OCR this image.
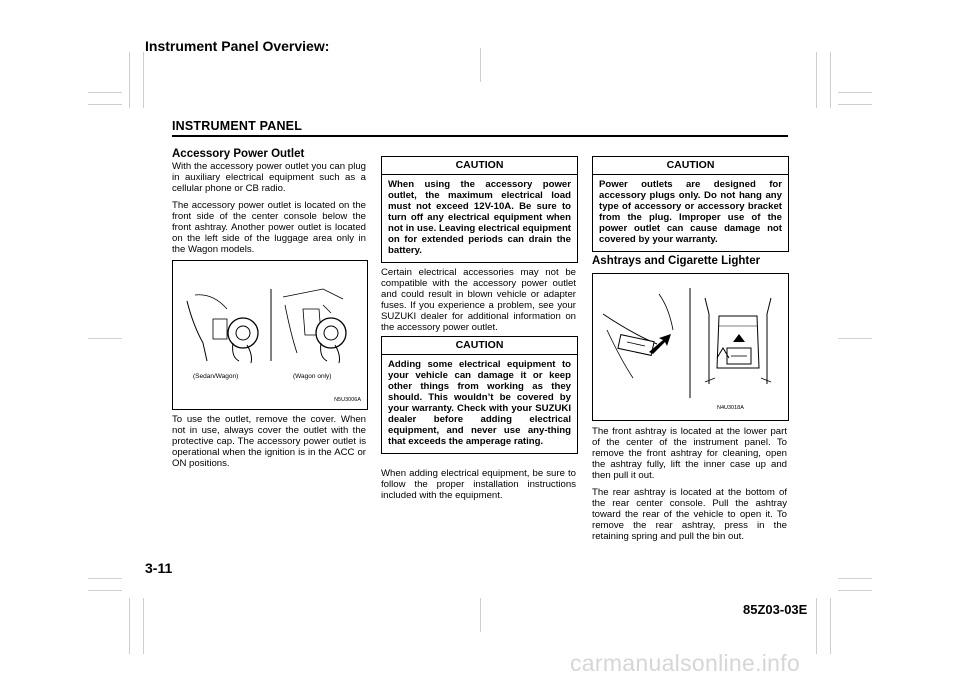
Instrument Panel Overview:
INSTRUMENT PANEL
Accessory Power Outlet

With the accessory power outlet you can plug in auxiliary electrical equipment such as a cellular phone or CB radio.

The accessory power outlet is located on the front side of the center console below the front ashtray. Another power outlet is located on the left side of the luggage area only in the Wagon models.

(Sedan/Wagon)	(Wagon only)
N5U3006A

To use the outlet, remove the cover. When not in use, always cover the outlet with the protective cap. The accessory power outlet is operational when the ignition is in the ACC or ON positions.

CAUTION
When using the accessory power outlet, the maximum electrical load must not exceed 12V-10A. Be sure to turn off any electrical equipment when not in use. Leaving electrical equipment on for extended periods can drain the battery.

Certain electrical accessories may not be compatible with the accessory power outlet and could result in blown vehicle or adapter fuses. If you experience a problem, see your SUZUKI dealer for additional information on the accessory power outlet.

CAUTION
Adding some electrical equipment to your vehicle can damage it or keep other things from working as they should. This wouldn’t be covered by your warranty. Check with your SUZUKI dealer before adding electrical equipment, and never use any-thing that exceeds the amperage rating.

When adding electrical equipment, be sure to follow the proper installation instructions included with the equipment.

CAUTION
Power outlets are designed for accessory plugs only. Do not hang any type of accessory or accessory bracket from the plug. Improper use of the power outlet can cause damage not covered by your warranty.
Ashtrays and Cigarette Lighter
N4U3018A

The front ashtray is located at the lower part of the center of the instrument panel. To remove the front ashtray for cleaning, open the ashtray fully, lift the inner case up and then pull it out.

The rear ashtray is located at the bottom of the rear center console. Pull the ashtray toward the rear of the vehicle to open it. To remove the rear ashtray, press in the retaining spring and pull the bin out.

3-11
85Z03-03E
carmanualsonline.info
